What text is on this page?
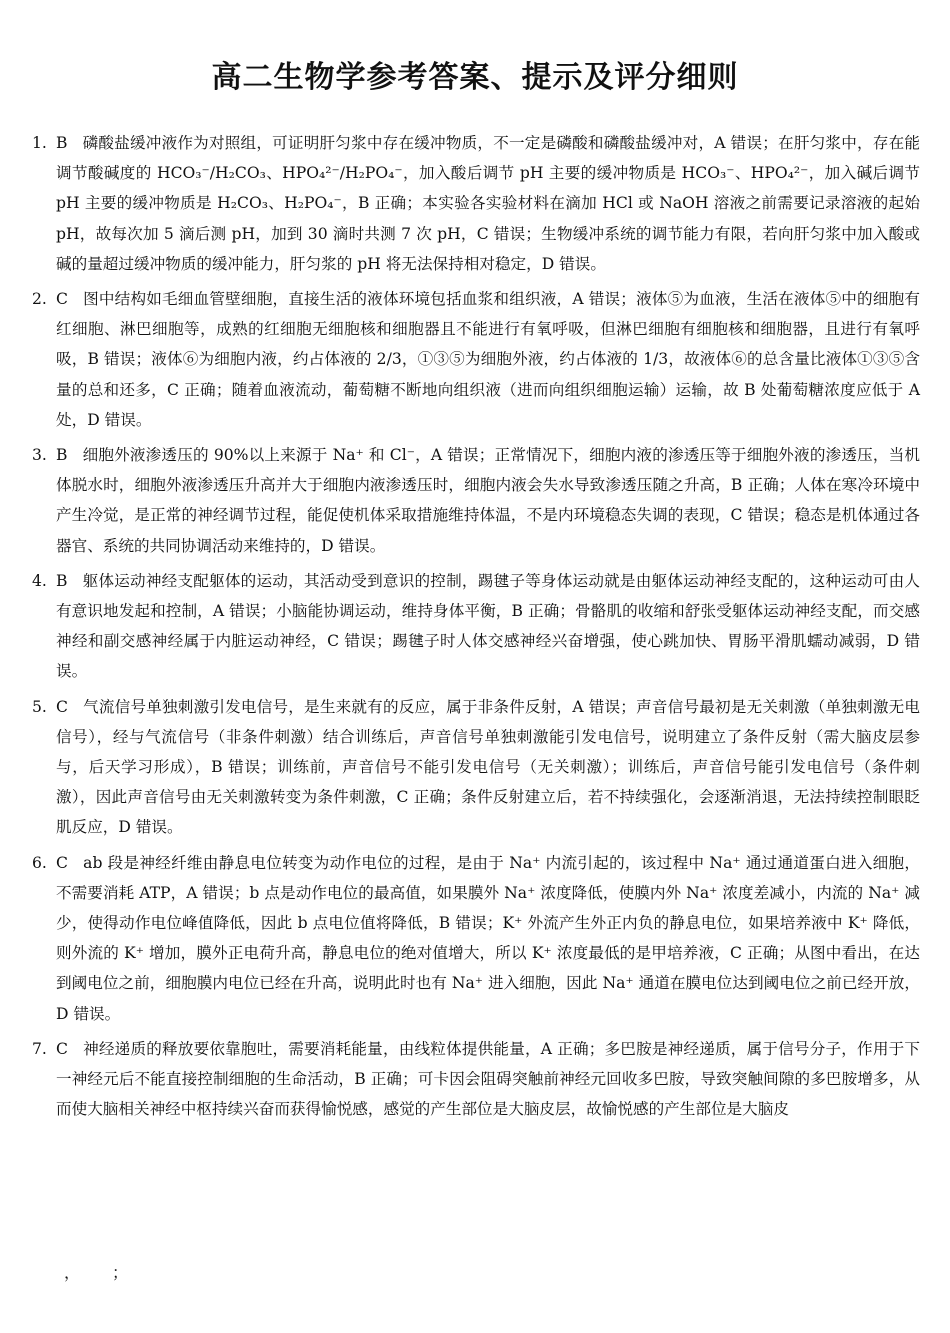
高二生物学参考答案、提示及评分细则
1. B 磷酸盐缓冲液作为对照组，可证明肝匀浆中存在缓冲物质，不一定是磷酸和磷酸盐缓冲对，A 错误；在肝匀浆中，存在能调节酸碱度的 HCO₃⁻/H₂CO₃、HPO₄²⁻/H₂PO₄⁻，加入酸后调节 pH 主要的缓冲物质是 HCO₃⁻、HPO₄²⁻，加入碱后调节 pH 主要的缓冲物质是 H₂CO₃、H₂PO₄⁻，B 正确；本实验各实验材料在滴加 HCl 或 NaOH 溶液之前需要记录溶液的起始 pH，故每次加 5 滴后测 pH，加到 30 滴时共测 7 次 pH，C 错误；生物缓冲系统的调节能力有限，若向肝匀浆中加入酸或碱的量超过缓冲物质的缓冲能力，肝匀浆的 pH 将无法保持相对稳定，D 错误。
2. C 图中结构如毛细血管壁细胞，直接生活的液体环境包括血浆和组织液，A 错误；液体⑤为血液，生活在液体⑤中的细胞有红细胞、淋巴细胞等，成熟的红细胞无细胞核和细胞器且不能进行有氧呼吸，但淋巴细胞有细胞核和细胞器，且进行有氧呼吸，B 错误；液体⑥为细胞内液，约占体液的 2/3，①③⑤为细胞外液，约占体液的 1/3，故液体⑥的总含量比液体①③⑤含量的总和还多，C 正确；随着血液流动，葡萄糖不断地向组织液（进而向组织细胞运输）运输，故 B 处葡萄糖浓度应低于 A 处，D 错误。
3. B 细胞外液渗透压的 90%以上来源于 Na⁺ 和 Cl⁻，A 错误；正常情况下，细胞内液的渗透压等于细胞外液的渗透压，当机体脱水时，细胞外液渗透压升高并大于细胞内液渗透压时，细胞内液会失水导致渗透压随之升高，B 正确；人体在寒冷环境中产生冷觉，是正常的神经调节过程，能促使机体采取措施维持体温，不是内环境稳态失调的表现，C 错误；稳态是机体通过各器官、系统的共同协调活动来维持的，D 错误。
4. B 躯体运动神经支配躯体的运动，其活动受到意识的控制，踢毽子等身体运动就是由躯体运动神经支配的，这种运动可由人有意识地发起和控制，A 错误；小脑能协调运动，维持身体平衡，B 正确；骨骼肌的收缩和舒张受躯体运动神经支配，而交感神经和副交感神经属于内脏运动神经，C 错误；踢毽子时人体交感神经兴奋增强，使心跳加快、胃肠平滑肌蠕动减弱，D 错误。
5. C 气流信号单独刺激引发电信号，是生来就有的反应，属于非条件反射，A 错误；声音信号最初是无关刺激（单独刺激无电信号），经与气流信号（非条件刺激）结合训练后，声音信号单独刺激能引发电信号，说明建立了条件反射（需大脑皮层参与，后天学习形成），B 错误；训练前，声音信号不能引发电信号（无关刺激）；训练后，声音信号能引发电信号（条件刺激），因此声音信号由无关刺激转变为条件刺激，C 正确；条件反射建立后，若不持续强化，会逐渐消退，无法持续控制眼眨肌反应，D 错误。
6. C ab 段是神经纤维由静息电位转变为动作电位的过程，是由于 Na⁺ 内流引起的，该过程中 Na⁺ 通过通道蛋白进入细胞，不需要消耗 ATP，A 错误；b 点是动作电位的最高值，如果膜外 Na⁺ 浓度降低，使膜内外 Na⁺ 浓度差减小，内流的 Na⁺ 减少，使得动作电位峰值降低，因此 b 点电位值将降低，B 错误；K⁺ 外流产生外正内负的静息电位，如果培养液中 K⁺ 降低，则外流的 K⁺ 增加，膜外正电荷升高，静息电位的绝对值增大，所以 K⁺ 浓度最低的是甲培养液，C 正确；从图中看出，在达到阈电位之前，细胞膜内电位已经在升高，说明此时也有 Na⁺ 进入细胞，因此 Na⁺ 通道在膜电位达到阈电位之前已经开放，D 错误。
7. C 神经递质的释放要依靠胞吐，需要消耗能量，由线粒体提供能量，A 正确；多巴胺是神经递质，属于信号分子，作用于下一神经元后不能直接控制细胞的生命活动，B 正确；可卡因会阻碍突触前神经元回收多巴胺，导致突触间隙的多巴胺增多，从而使大脑相关神经中枢持续兴奋而获得愉悦感，感觉的产生部位是大脑皮层，故愉悦感的产生部位是大脑皮
，；
